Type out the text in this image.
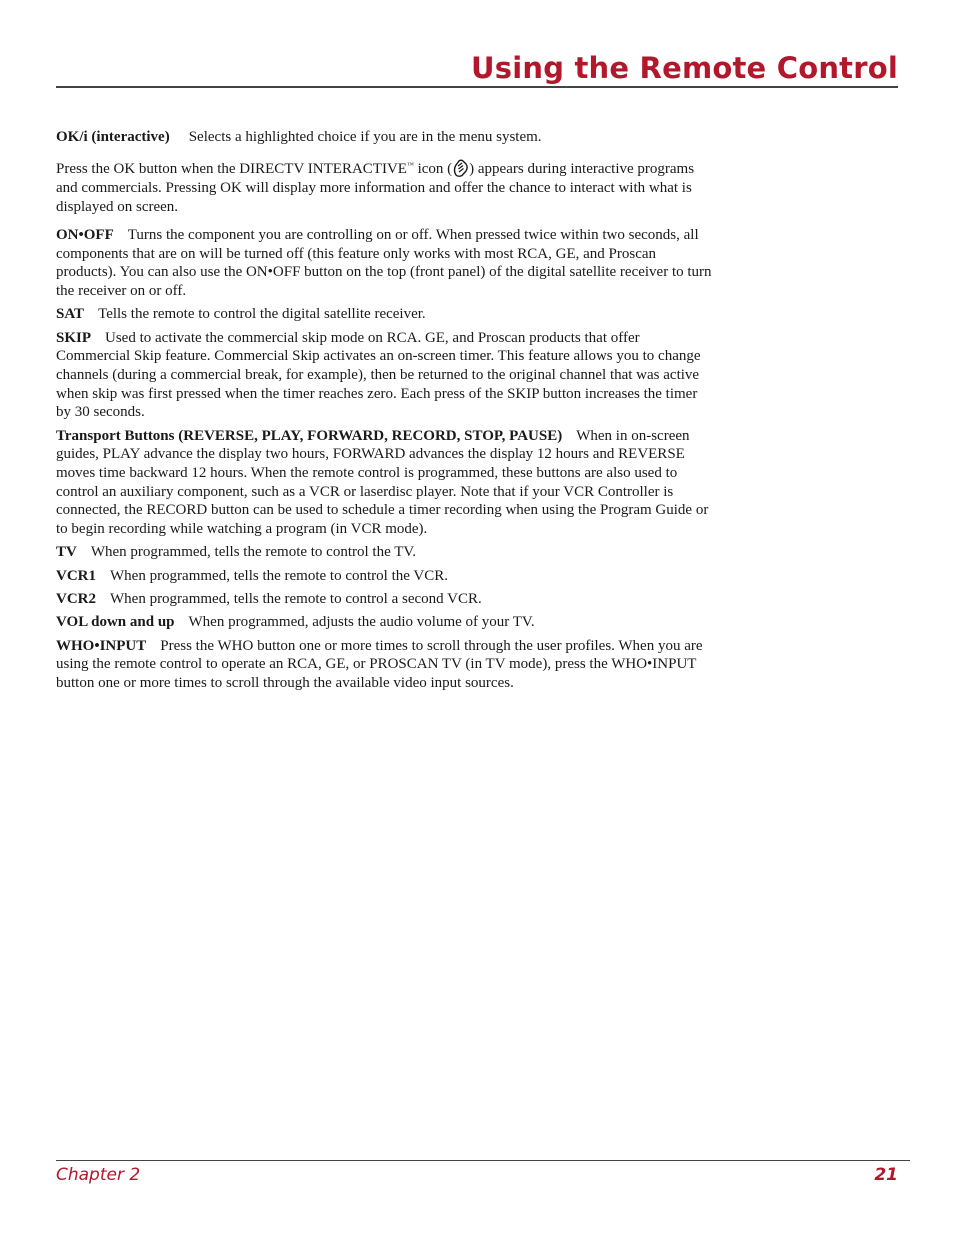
Using the Remote Control

OK/i (interactive) Selects a highlighted choice if you are in the menu system.

Press the OK button when the DIRECTV INTERACTIVE™ icon ( ) appears during interactive programs and commercials. Pressing OK will display more information and offer the chance to interact with what is displayed on screen.

ON•OFF Turns the component you are controlling on or off. When pressed twice within two seconds, all components that are on will be turned off (this feature only works with most RCA, GE, and Proscan products). You can also use the ON•OFF button on the top (front panel) of the digital satellite receiver to turn the receiver on or off.

SAT Tells the remote to control the digital satellite receiver.

SKIP Used to activate the commercial skip mode on RCA. GE, and Proscan products that offer Commercial Skip feature. Commercial Skip activates an on-screen timer. This feature allows you to change channels (during a commercial break, for example), then be returned to the original channel that was active when skip was first pressed when the timer reaches zero. Each press of the SKIP button increases the timer by 30 seconds.

Transport Buttons (REVERSE, PLAY, FORWARD, RECORD, STOP, PAUSE) When in on-screen guides, PLAY advance the display two hours, FORWARD advances the display 12 hours and REVERSE moves time backward 12 hours. When the remote control is programmed, these buttons are also used to control an auxiliary component, such as a VCR or laserdisc player. Note that if your VCR Controller is connected, the RECORD button can be used to schedule a timer recording when using the Program Guide or to begin recording while watching a program (in VCR mode).

TV When programmed, tells the remote to control the TV.

VCR1 When programmed, tells the remote to control the VCR.

VCR2 When programmed, tells the remote to control a second VCR.

VOL down and up When programmed, adjusts the audio volume of your TV.

WHO•INPUT Press the WHO button one or more times to scroll through the user profiles. When you are using the remote control to operate an RCA, GE, or PROSCAN TV (in TV mode), press the WHO•INPUT button one or more times to scroll through the available video input sources.

Chapter 2	21
